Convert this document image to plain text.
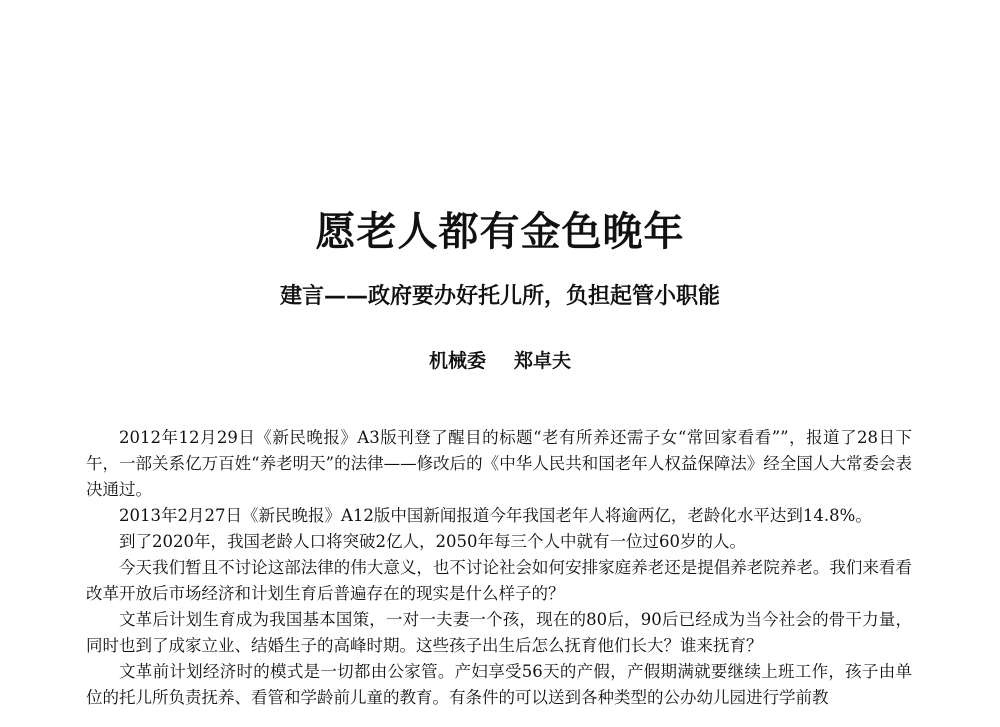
愿老人都有金色晚年
建言——政府要办好托儿所，负担起管小职能
机械委 郑卓夫

2012年12月29日《新民晚报》A3版刊登了醒目的标题“老有所养还需子女“常回家看看””，报道了28日下午，一部关系亿万百姓“养老明天”的法律——修改后的《中华人民共和国老年人权益保障法》经全国人大常委会表决通过。

2013年2月27日《新民晚报》A12版中国新闻报道今年我国老年人将逾两亿，老龄化水平达到14.8%。

到了2020年，我国老龄人口将突破2亿人，2050年每三个人中就有一位过60岁的人。

今天我们暂且不讨论这部法律的伟大意义，也不讨论社会如何安排家庭养老还是提倡养老院养老。我们来看看改革开放后市场经济和计划生育后普遍存在的现实是什么样子的？

文革后计划生育成为我国基本国策，一对一夫妻一个孩，现在的80后，90后已经成为当今社会的骨干力量，同时也到了成家立业、结婚生子的高峰时期。这些孩子出生后怎么抚育他们长大？谁来抚育？

文革前计划经济时的模式是一切都由公家管。产妇享受56天的产假，产假期满就要继续上班工作，孩子由单位的托儿所负责抚养、看管和学龄前儿童的教育。有条件的可以送到各种类型的公办幼儿园进行学前教
